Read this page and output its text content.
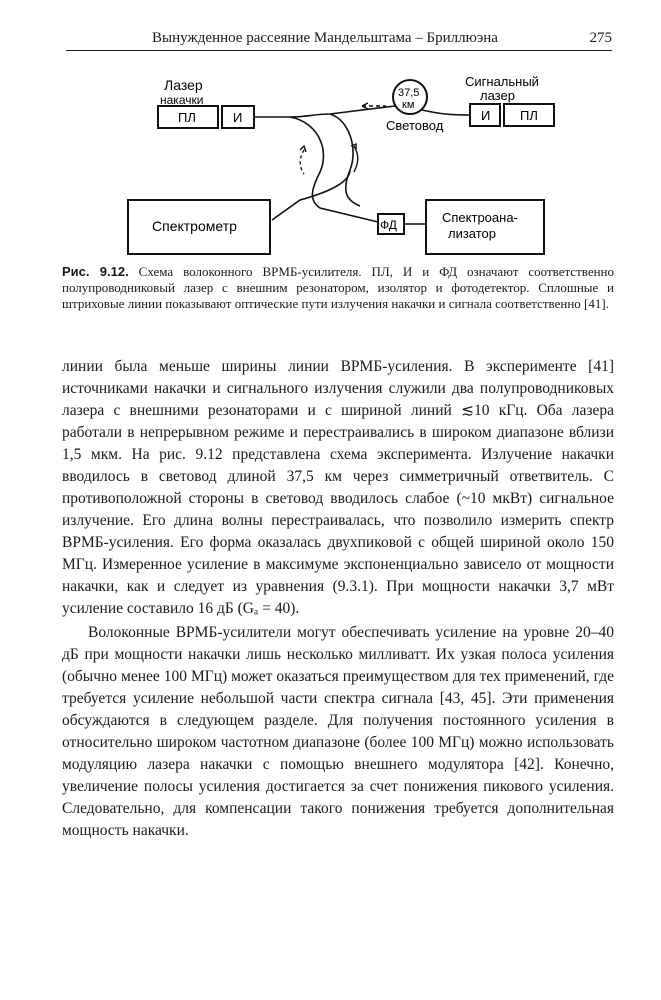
Вынужденное рассеяние Мандельштама – Бриллюэна	275
Лазер
накачки
ПЛ	И
37,5
км
Световод
Сигнальный
лазер
И ПЛ
Спектрометр	ФД	Спектроана-
лизатор
Рис. 9.12. Схема волоконного ВРМБ-усилителя. ПЛ, И и ФД означают соответственно полупроводниковый лазер с внешним резонатором, изолятор и фотодетектор. Сплошные и штриховые линии показывают оптические пути излучения накачки и сигнала соответственно [41].

линии была меньше ширины линии ВРМБ-усиления. В эксперименте [41] источниками накачки и сигнального излучения служили два полупроводниковых лазера с внешними резонаторами и с шириной линий ≲10 кГц. Оба лазера работали в непрерывном режиме и перестраивались в широком диапазоне вблизи 1,5 мкм. На рис. 9.12 представлена схема эксперимента. Излучение накачки вводилось в световод длиной 37,5 км через симметричный ответвитель. С противоположной стороны в световод вводилось слабое (~10 мкВт) сигнальное излучение. Его длина волны перестраивалась, что позволило измерить спектр ВРМБ-усиления. Его форма оказалась двухпиковой с общей шириной около 150 МГц. Измеренное усиление в максимуме экспоненциально зависело от мощности накачки, как и следует из уравнения (9.3.1). При мощности накачки 3,7 мВт усиление составило 16 дБ (Gₐ = 40).

Волоконные ВРМБ-усилители могут обеспечивать усиление на уровне 20–40 дБ при мощности накачки лишь несколько милливатт. Их узкая полоса усиления (обычно менее 100 МГц) может оказаться преимуществом для тех применений, где требуется усиление небольшой части спектра сигнала [43, 45]. Эти применения обсуждаются в следующем разделе. Для получения постоянного усиления в относительно широком частотном диапазоне (более 100 МГц) можно использовать модуляцию лазера накачки с помощью внешнего модулятора [42]. Конечно, увеличение полосы усиления достигается за счет понижения пикового усиления. Следовательно, для компенсации такого понижения требуется дополнительная мощность накачки.
